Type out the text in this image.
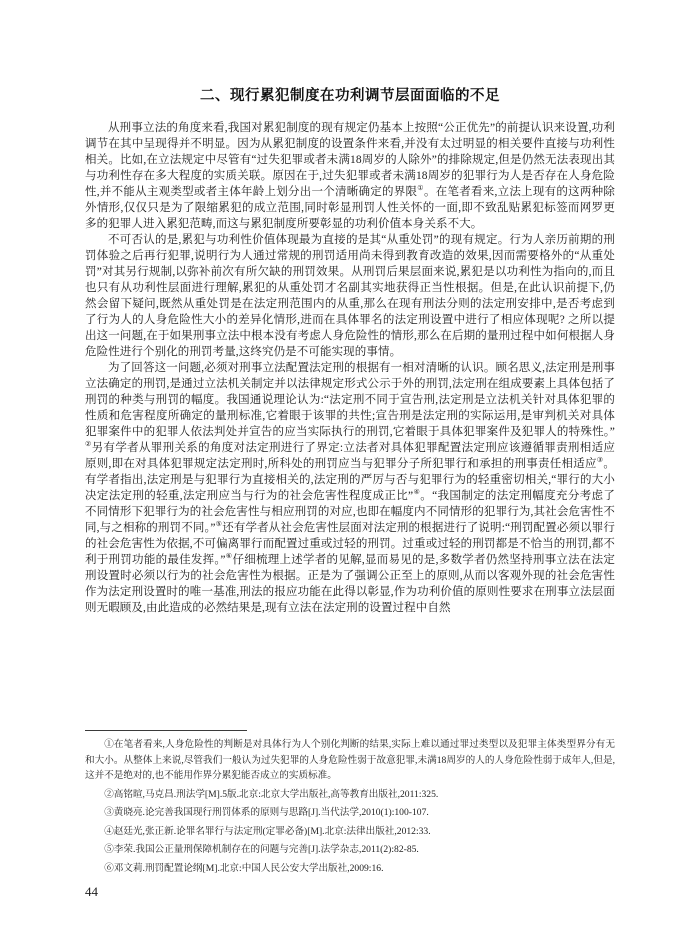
二、现行累犯制度在功利调节层面面临的不足

从刑事立法的角度来看,我国对累犯制度的现有规定仍基本上按照“公正优先”的前提认识来设置,功利调节在其中呈现得并不明显。因为从累犯制度的设置条件来看,并没有太过明显的相关要件直接与功利性相关。比如,在立法规定中尽管有“过失犯罪或者未满18周岁的人除外”的排除规定,但是仍然无法表现出其与功利性存在多大程度的实质关联。原因在于,过失犯罪或者未满18周岁的犯罪行为人是否存在人身危险性,并不能从主观类型或者主体年龄上划分出一个清晰确定的界限①。在笔者看来,立法上现有的这两种除外情形,仅仅只是为了限缩累犯的成立范围,同时彰显刑罚人性关怀的一面,即不致乱贴累犯标签而网罗更多的犯罪人进入累犯范畴,而这与累犯制度所要彰显的功利价值本身关系不大。

不可否认的是,累犯与功利性价值体现最为直接的是其“从重处罚”的现有规定。行为人亲历前期的刑罚体验之后再行犯罪,说明行为人通过常规的刑罚适用尚未得到教育改造的效果,因而需要格外的“从重处罚”对其另行规制,以弥补前次有所欠缺的刑罚效果。从刑罚后果层面来说,累犯是以功利性为指向的,而且也只有从功利性层面进行理解,累犯的从重处罚才名副其实地获得正当性根据。但是,在此认识前提下,仍然会留下疑问,既然从重处罚是在法定刑范围内的从重,那么在现有刑法分则的法定刑安排中,是否考虑到了行为人的人身危险性大小的差异化情形,进而在具体罪名的法定刑设置中进行了相应体现呢? 之所以提出这一问题,在于如果刑事立法中根本没有考虑人身危险性的情形,那么在后期的量刑过程中如何根据人身危险性进行个别化的刑罚考量,这终究仍是不可能实现的事情。

为了回答这一问题,必须对刑事立法配置法定刑的根据有一相对清晰的认识。顾名思义,法定刑是刑事立法确定的刑罚,是通过立法机关制定并以法律规定形式公示于外的刑罚,法定刑在组成要素上具体包括了刑罚的种类与刑罚的幅度。我国通说理论认为:“法定刑不同于宣告刑,法定刑是立法机关针对具体犯罪的性质和危害程度所确定的量刑标准,它着眼于该罪的共性;宣告刑是法定刑的实际运用,是审判机关对具体犯罪案件中的犯罪人依法判处并宣告的应当实际执行的刑罚,它着眼于具体犯罪案件及犯罪人的特殊性。”②另有学者从罪刑关系的角度对法定刑进行了界定:立法者对具体犯罪配置法定刑应该遵循罪责刑相适应原则,即在对具体犯罪规定法定刑时,所科处的刑罚应当与犯罪分子所犯罪行和承担的刑事责任相适应③。有学者指出,法定刑是与犯罪行为直接相关的,法定刑的严厉与否与犯罪行为的轻重密切相关,“罪行的大小决定法定刑的轻重,法定刑应当与行为的社会危害性程度成正比”④。“我国制定的法定刑幅度充分考虑了不同情形下犯罪行为的社会危害性与相应刑罚的对应,也即在幅度内不同情形的犯罪行为,其社会危害性不同,与之相称的刑罚不同。”⑤还有学者从社会危害性层面对法定刑的根据进行了说明:“刑罚配置必须以罪行的社会危害性为依据,不可偏离罪行而配置过重或过轻的刑罚。过重或过轻的刑罚都是不恰当的刑罚,都不利于刑罚功能的最佳发挥。”⑥仔细梳理上述学者的见解,显而易见的是,多数学者仍然坚持刑事立法在法定刑设置时必须以行为的社会危害性为根据。正是为了强调公正至上的原则,从而以客观外现的社会危害性作为法定刑设置时的唯一基准,刑法的报应功能在此得以彰显,作为功利价值的原则性要求在刑事立法层面则无暇顾及,由此造成的必然结果是,现有立法在法定刑的设置过程中自然

①在笔者看来,人身危险性的判断是对具体行为人个别化判断的结果,实际上难以通过罪过类型以及犯罪主体类型界分有无和大小。从整体上来说,尽管我们一般认为过失犯罪的人身危险性弱于故意犯罪,未满18周岁的人的人身危险性弱于成年人,但是,这并不是绝对的,也不能用作界分累犯能否成立的实质标准。

②高铭暄,马克昌.刑法学[M].5版.北京:北京大学出版社,高等教育出版社,2011:325.

③黄晓亮.论完善我国现行刑罚体系的原则与思路[J].当代法学,2010(1):100-107.

④赵廷光,张正新.论罪名罪行与法定刑(定罪必备)[M].北京:法律出版社,2012:33.

⑤李荣.我国公正量刑保障机制存在的问题与完善[J].法学杂志,2011(2):82-85.

⑥邓文莉.刑罚配置论纲[M].北京:中国人民公安大学出版社,2009:16.

44
